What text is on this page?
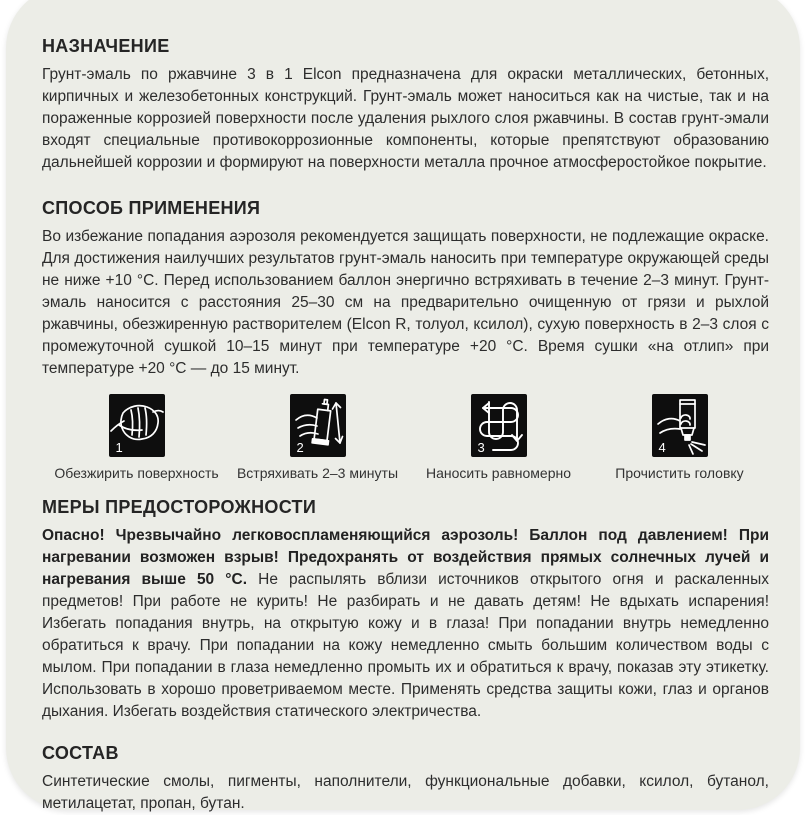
НАЗНАЧЕНИЕ

Грунт-эмаль по ржавчине 3 в 1 Elcon предназначена для окраски металлических, бетонных, кирпичных и железобетонных конструкций. Грунт-эмаль может наноситься как на чистые, так и на пораженные коррозией поверхности после удаления рыхлого слоя ржавчины. В состав грунт-эмали входят специальные противокоррозионные компоненты, которые препятствуют образованию дальнейшей коррозии и формируют на поверхности металла прочное атмосферостойкое покрытие.

СПОСОБ ПРИМЕНЕНИЯ

Во избежание попадания аэрозоля рекомендуется защищать поверхности, не подлежащие окраске. Для достижения наилучших результатов грунт-эмаль наносить при температуре окружающей среды не ниже +10 °C. Перед использованием баллон энергично встряхивать в течение 2–3 минут. Грунт-эмаль наносится с расстояния 25–30 см на предварительно очищенную от грязи и рыхлой ржавчины, обезжиренную растворителем (Elcon R, толуол, ксилол), сухую поверхность в 2–3 слоя с промежуточной сушкой 10–15 минут при температуре +20 °C. Время сушки «на отлип» при температуре +20 °C — до 15 минут.

1
Обезжирить поверхность
2
Встряхивать 2–3 минуты
3
Наносить равномерно
4
Прочистить головку
МЕРЫ ПРЕДОСТОРОЖНОСТИ

Опасно! Чрезвычайно легковоспламеняющийся аэрозоль! Баллон под давлением! При нагревании возможен взрыв! Предохранять от воздействия прямых солнечных лучей и нагревания выше 50 °C. Не распылять вблизи источников открытого огня и раскаленных предметов! При работе не курить! Не разбирать и не давать детям! Не вдыхать испарения! Избегать попадания внутрь, на открытую кожу и в глаза! При попадании внутрь немедленно обратиться к врачу. При попадании на кожу немедленно смыть большим количеством воды с мылом. При попадании в глаза немедленно промыть их и обратиться к врачу, показав эту этикетку. Использовать в хорошо проветриваемом месте. Применять средства защиты кожи, глаз и органов дыхания. Избегать воздействия статического электричества.

СОСТАВ

Синтетические смолы, пигменты, наполнители, функциональные добавки, ксилол, бутанол, метилацетат, пропан, бутан.
